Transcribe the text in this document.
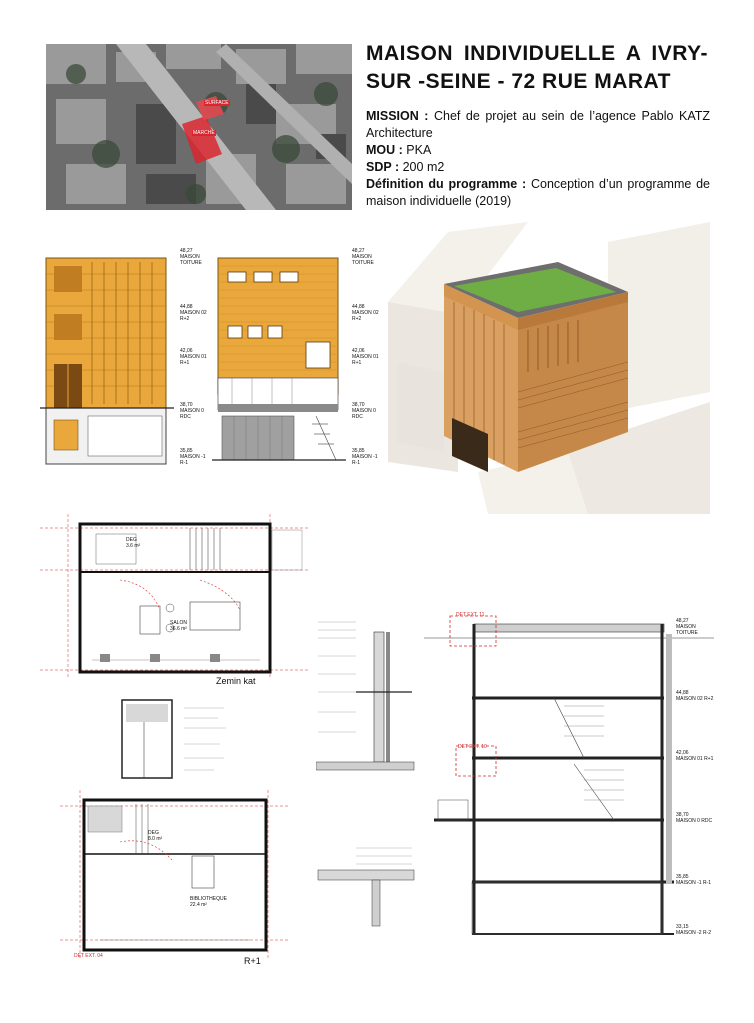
SURFACE
MARCHE
MAISON INDIVIDUELLE A IVRY-SUR -SEINE - 72 RUE MARAT

MISSION : Chef de projet au sein de l’agence Pablo KATZ Architecture

MOU : PKA

SDP : 200 m2

Définition du programme : Conception d’un programme de maison individuelle (2019)

48,27
MAISON TOITURE
44,88
MAISON 02 R+2
42,06
MAISON 01 R+1
38,70
MAISON 0 RDC
35,85
MAISON -1 R-1
48,27
MAISON TOITURE
44,88
MAISON 02 R+2
42,06
MAISON 01 R+1
38,70
MAISON 0 RDC
35,85
MAISON -1 R-1
DEG
3.6 m²
SALON
36.6 m²
Zemin kat
DEG
8.0 m²
BIBLIOTHEQUE
22.4 m²
DET EXT. 04	R+1
DET EXT. 11
DET EXT. 10
48,27
MAISON TOITURE
44,88
MAISON 02 R+2
42,06
MAISON 01 R+1
38,70
MAISON 0 RDC
35,85
MAISON -1 R-1
33,15
MAISON -2 R-2
